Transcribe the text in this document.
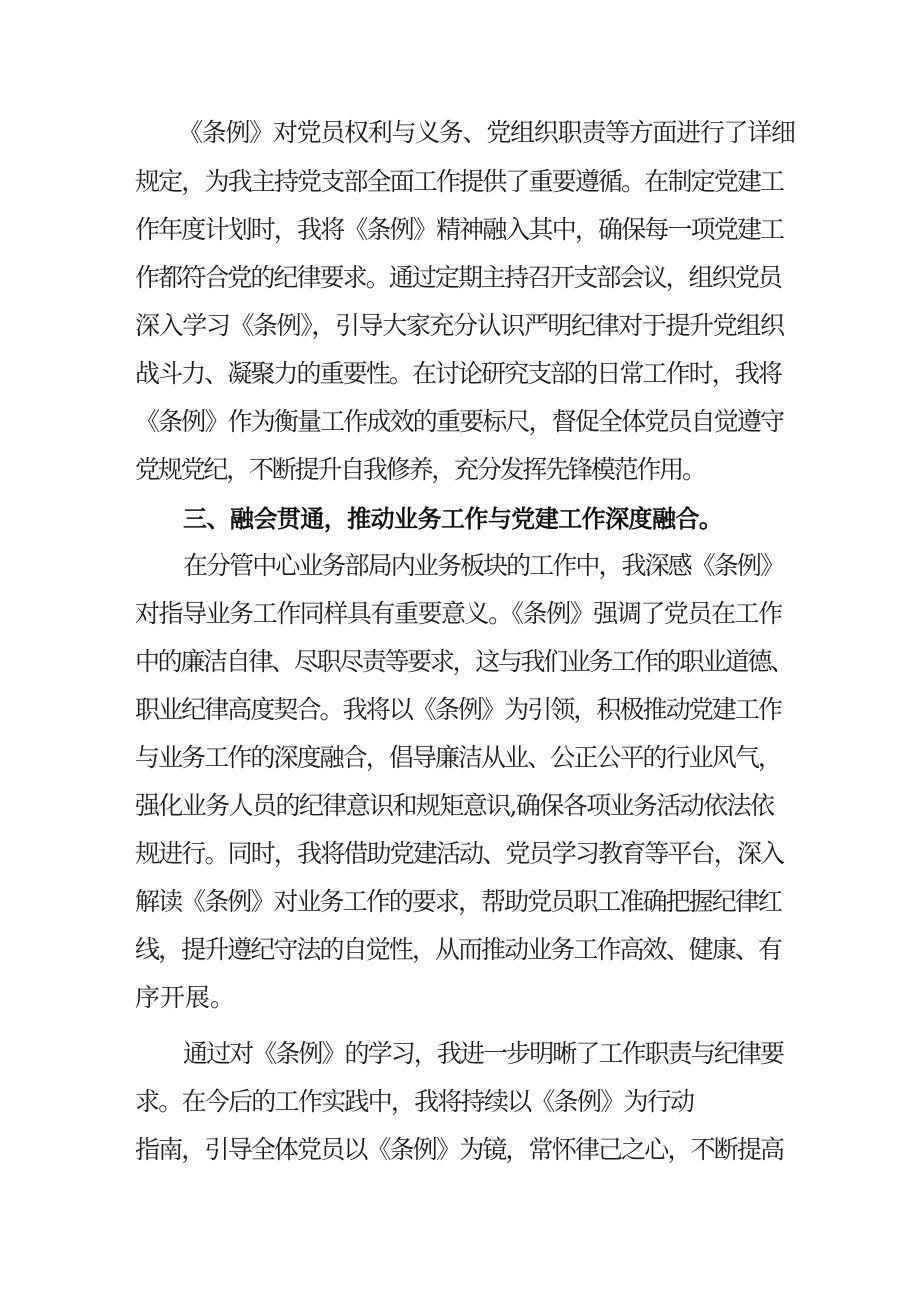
《条例》对党员权利与义务、党组织职责等方面进行了详细
规定，为我主持党支部全面工作提供了重要遵循。在制定党建工
作年度计划时，我将《条例》精神融入其中，确保每一项党建工
作都符合党的纪律要求。通过定期主持召开支部会议，组织党员
深入学习《条例》，引导大家充分认识严明纪律对于提升党组织
战斗力、凝聚力的重要性。在讨论研究支部的日常工作时，我将
《条例》作为衡量工作成效的重要标尺，督促全体党员自觉遵守
党规党纪，不断提升自我修养，充分发挥先锋模范作用。
三、融会贯通，推动业务工作与党建工作深度融合。
在分管中心业务部局内业务板块的工作中，我深感《条例》
对指导业务工作同样具有重要意义。《条例》强调了党员在工作
中的廉洁自律、尽职尽责等要求，这与我们业务工作的职业道德、
职业纪律高度契合。我将以《条例》为引领，积极推动党建工作
与业务工作的深度融合，倡导廉洁从业、公正公平的行业风气，
强化业务人员的纪律意识和规矩意识,确保各项业务活动依法依
规进行。同时，我将借助党建活动、党员学习教育等平台，深入
解读《条例》对业务工作的要求，帮助党员职工准确把握纪律红
线，提升遵纪守法的自觉性，从而推动业务工作高效、健康、有
序开展。
通过对《条例》的学习，我进一步明晰了工作职责与纪律要
求。在今后的工作实践中，我将持续以《条例》为行动
指南，引导全体党员以《条例》为镜，常怀律己之心，不断提高
